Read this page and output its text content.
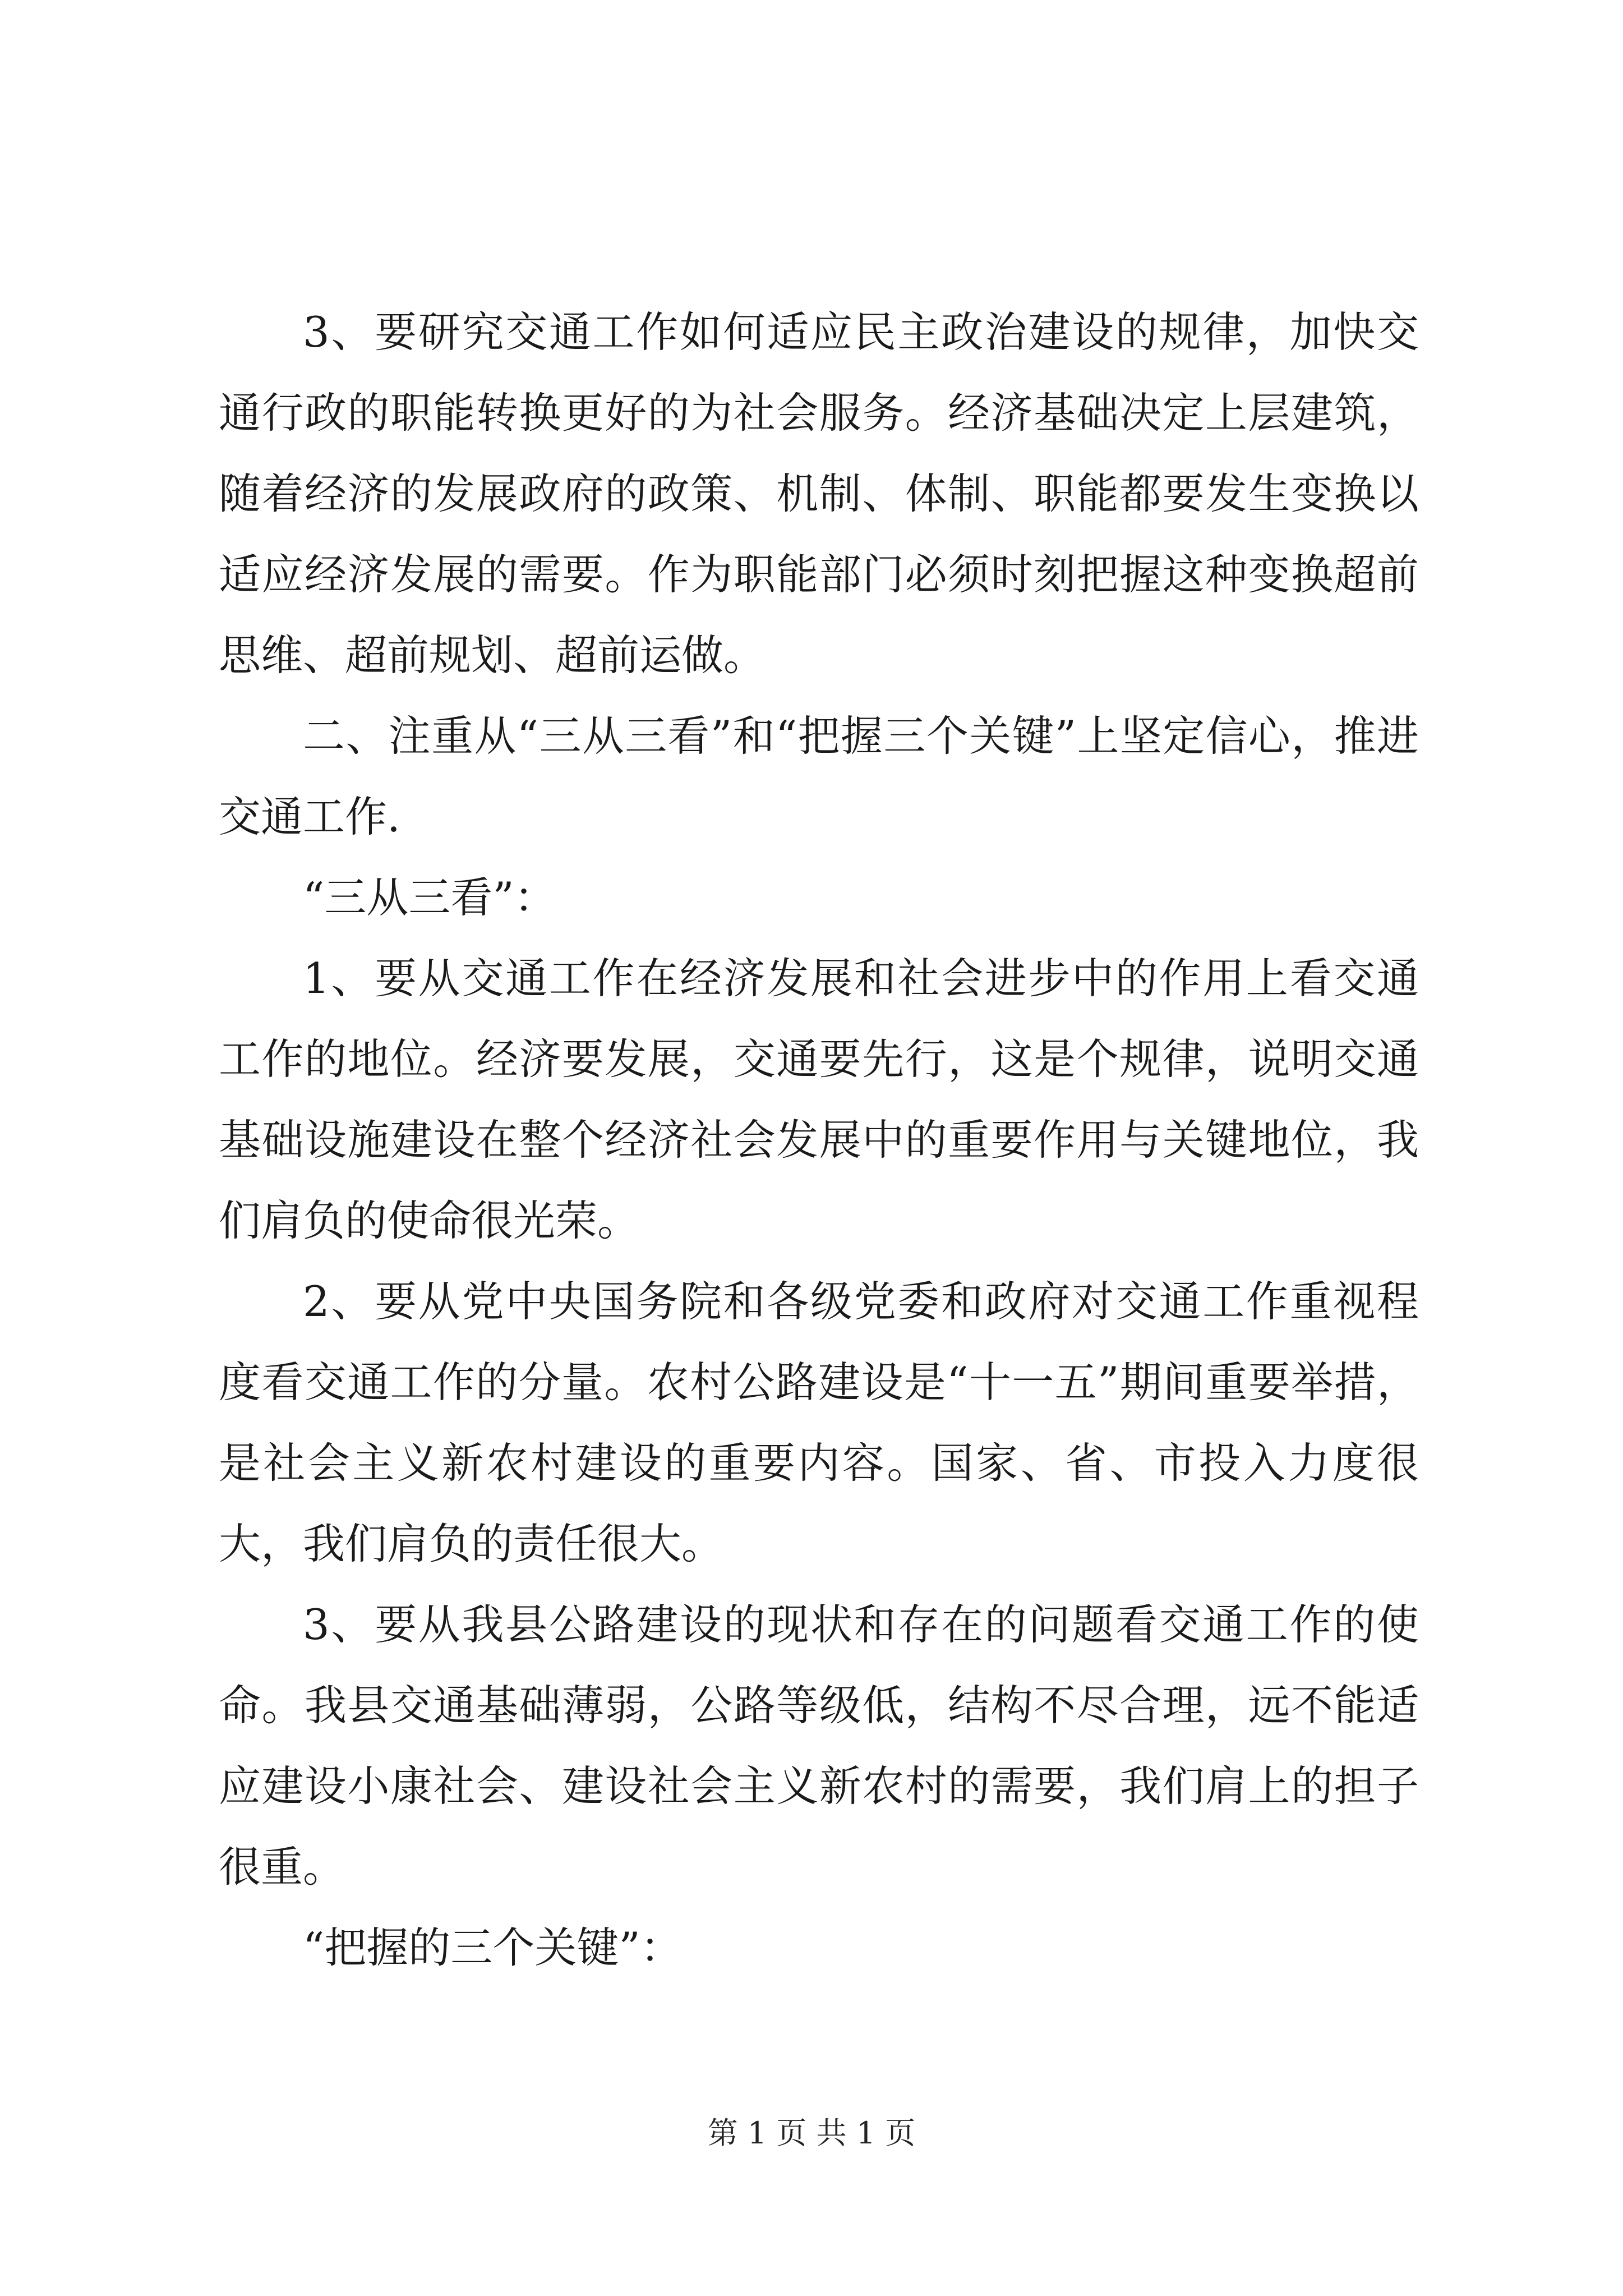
3、要研究交通工作如何适应民主政治建设的规律，加快交通行政的职能转换更好的为社会服务。经济基础决定上层建筑，随着经济的发展政府的政策、机制、体制、职能都要发生变换以适应经济发展的需要。作为职能部门必须时刻把握这种变换超前思维、超前规划、超前运做。

二、注重从“三从三看”和“把握三个关键”上坚定信心，推进交通工作.

“三从三看”：

1、要从交通工作在经济发展和社会进步中的作用上看交通工作的地位。经济要发展，交通要先行，这是个规律，说明交通基础设施建设在整个经济社会发展中的重要作用与关键地位，我们肩负的使命很光荣。

2、要从党中央国务院和各级党委和政府对交通工作重视程度看交通工作的分量。农村公路建设是“十一五”期间重要举措，是社会主义新农村建设的重要内容。国家、省、市投入力度很大，我们肩负的责任很大。

3、要从我县公路建设的现状和存在的问题看交通工作的使命。我县交通基础薄弱，公路等级低，结构不尽合理，远不能适应建设小康社会、建设社会主义新农村的需要，我们肩上的担子很重。

“把握的三个关键”：

第 1 页 共 1 页
